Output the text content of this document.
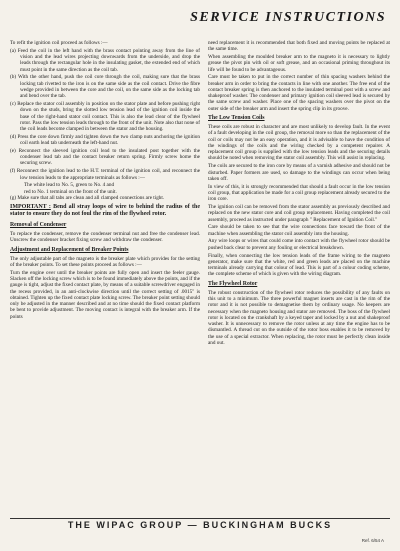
SERVICE INSTRUCTIONS

To refit the ignition coil proceed as follows :—

(a) Feed the coil in the left hand with the brass contact pointing away from the line of vision and the lead wires projecting downwards from the underside, and drop the leads through the rectangular hole in the insulating gasket, the extended end of which must point in the same direction as the coil tab.

(b) With the other hand, push the coil core through the coil, making sure that the brass locking tab rivetted to the iron is on the same side as the coil contact. Drive the fibre wedge provided in between the core and the coil, on the same side as the locking tab and bend over the tab.

(c) Replace the stator coil assembly in position on the stator plate and before pushing right down on the studs, bring the slotted low tension lead of the ignition coil inside the base of the right-hand stator coil contact. This is also the lead clear of the flywheel rotor. Pass the low tension leads through to the front of the unit. Note also that none of the coil leads become clamped in between the stator and the housing.

(d) Press the core down firmly and tighten down the two clamp nuts anchoring the ignition coil earth lead tab underneath the left-hand nut.

(e) Reconnect the sleeved ignition coil lead to the insulated post together with the condenser lead tab and the contact breaker return spring. Firmly screw home the securing screw.

(f) Reconnect the ignition lead to the H.T. terminal of the ignition coil, and reconnect the low tension leads to the appropriate terminals as follows :—

The white lead to No. 5, green to No. 4 and

red to No. 1 terminal on the front of the unit.

(g) Make sure that all tabs are clean and all clamped connections are tight.

IMPORTANT : Bend all stray loops of wire to behind the radius of the stator to ensure they do not foul the rim of the flywheel rotor.
Removal of Condenser

To replace the condenser, remove the condenser terminal nut and free the condenser lead. Unscrew the condenser bracket fixing screw and withdraw the condenser.

Adjustment and Replacement of Breaker Points

The only adjustable part of the magneto is the breaker plate which provides for the setting of the breaker points. To set these points proceed as follows :—

Turn the engine over until the breaker points are fully open and insert the feeler gauge. Slacken off the locking screw which is to be found immediately above the points, and if the gauge is tight, adjust the fixed contact plate, by means of a suitable screwdriver engaged in the recess provided, in an anti-clockwise direction until the correct setting of .0015" is obtained. Tighten up the fixed contact plate locking screw. The breaker point setting should only be adjusted in the manner described and at no time should the fixed contact platform be bent to provide adjustment. The moving contact is integral with the breaker arm. If the points

need replacement it is recommended that both fixed and moving points be replaced at the same time.

When assembling the moulded breaker arm to the magneto it is necessary to lightly grease the pivot pin with oil or soft grease, and an occasional priming throughout its life will be found to be advantageous.

Care must be taken to put in the correct number of thin spacing washers behind the breaker arm in order to bring the contacts in line with one another. The free end of the contact breaker spring is then anchored to the insulated terminal post with a screw and shakeproof washer. The condenser and primary ignition coil sleeved lead is secured by the same screw and washer. Place one of the spacing washers over the pivot on the outer side of the breaker arm and insert the spring clip in its groove.

The Low Tension Coils

These coils are robust in character and are most unlikely to develop fault. In the event of a fault developing in the coil group, the removal more so than the replacement of the coil or coils may not be an easy operation, and it is advisable to have the condition of the windings of the coils and the wiring checked by a competent repairer. A replacement coil group is supplied with the low tension leads and the securing details should be noted when removing the stator coil assembly. This will assist in replacing.

The coils are secured to the iron core by means of a varnish adhesive and should not be disturbed. Paper formers are used, so damage to the windings can occur when being taken off.

In view of this, it is strongly recommended that should a fault occur in the low tension coil group, that application be made for a coil group replacement already secured to the iron core.

The ignition coil can be removed from the stator assembly as previously described and replaced on the new stator core and coil group replacement. Having completed the coil assembly, proceed as instructed under paragraph " Replacement of Ignition Coil."

Care should be taken to see that the wire connections face toward the front of the machine when assembling the stator coil assembly into the housing.

Any wire loops or wires that could come into contact with the flywheel rotor should be pushed back clear to prevent any fouling or electrical breakdown.

Finally, when connecting the low tension leads of the frame wiring to the magneto generator, make sure that the white, red and green leads are placed on the machine terminals already carrying that colour of lead. This is part of a colour coding scheme, the complete scheme of which is given with the wiring diagram.

The Flywheel Rotor

The robust construction of the flywheel rotor reduces the possibility of any faults on this unit to a minimum. The three powerful magnet inserts are cast in the rim of the rotor and it is not possible to demagnetise them by ordinary usage. No keepers are necessary when the magneto housing and stator are removed. The boss of the flywheel rotor is located on the crankshaft by a keyed taper and locked by a nut and shakeproof washer. It is unnecessary to remove the rotor unless at any time the engine has to be dismantled. A thread cut on the outside of the rotor boss enables it to be removed by the use of a special extractor. When replacing, the rotor must be perfectly clean inside and out.

THE WIPAC GROUP — BUCKINGHAM BUCKS
Ref. 6/54 A
